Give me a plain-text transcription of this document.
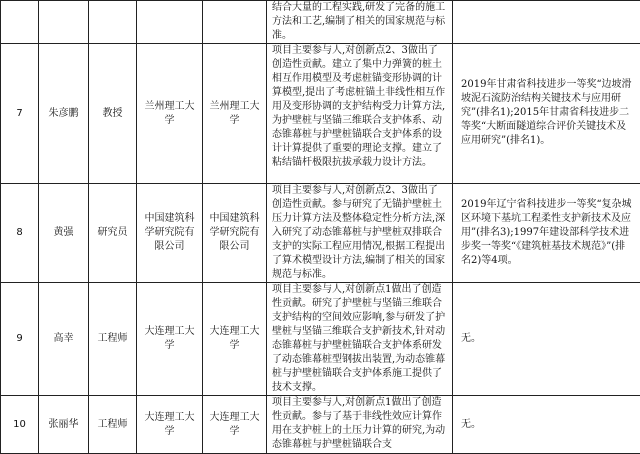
					结合大量的工程实践,研发了完备的施工方法和工艺,编制了相关的国家规范与标准。	
7	朱彦鹏	教授	兰州理工大学	兰州理工大学	项目主要参与人,对创新点2、3做出了创造性贡献。建立了集中力弹簧的桩土相互作用模型及考虑桩锚变形协调的计算模型,提出了考虑桩锚土非线性相互作用及变形协调的支护结构受力计算方法,为护壁桩与坚锚三维联合支护体系、动态锥幕桩与护壁桩锚联合支护体系的设计计算提供了重要的理论支撑。建立了粘结锚杆极限抗拔承载力设计方法。	2019年甘肃省科技进步一等奖“边坡滑坡泥石流防治结构关键技术与应用研究”(排名1);2015年甘肃省科技进步二等奖“大断面隧道综合评价关键技术及应用研究”(排名1)。
8	黄强	研究员	中国建筑科学研究院有限公司	中国建筑科学研究院有限公司	项目主要参与人,对创新点2、3做出了创造性贡献。参与研究了无锚护壁桩土压力计算方法及整体稳定性分析方法,深入研究了动态锥幕桩与护壁桩双排联合支护的实际工程应用情况,根据工程提出了算术模型设计方法,编制了相关的国家规范与标准。	2019年辽宁省科技进步一等奖“复杂城区环境下基坑工程柔性支护新技术及应用”(排名3);1997年建设部科学技术进步奖一等奖“《建筑桩基技术规范》”(排名2)等4项。
9	高幸	工程师	大连理工大学	大连理工大学	项目主要参与人,对创新点1做出了创造性贡献。研究了护壁桩与坚锚三维联合支护结构的空间效应影响,参与研发了护壁桩与坚锚三维联合支护新技术,针对动态锥幕桩与护壁桩锚联合支护体系研发了动态锥幕桩型钢拔出装置,为动态锥幕桩与护壁桩锚联合支护体系施工提供了技术支撑。	无。
10	张丽华	工程师	大连理工大学	大连理工大学	项目主要参与人,对创新点1做出了创造性贡献。参与了基于非线性效应计算作用在支护桩上的土压力计算的研究,为动态锥幕桩与护壁桩锚联合支	无。
